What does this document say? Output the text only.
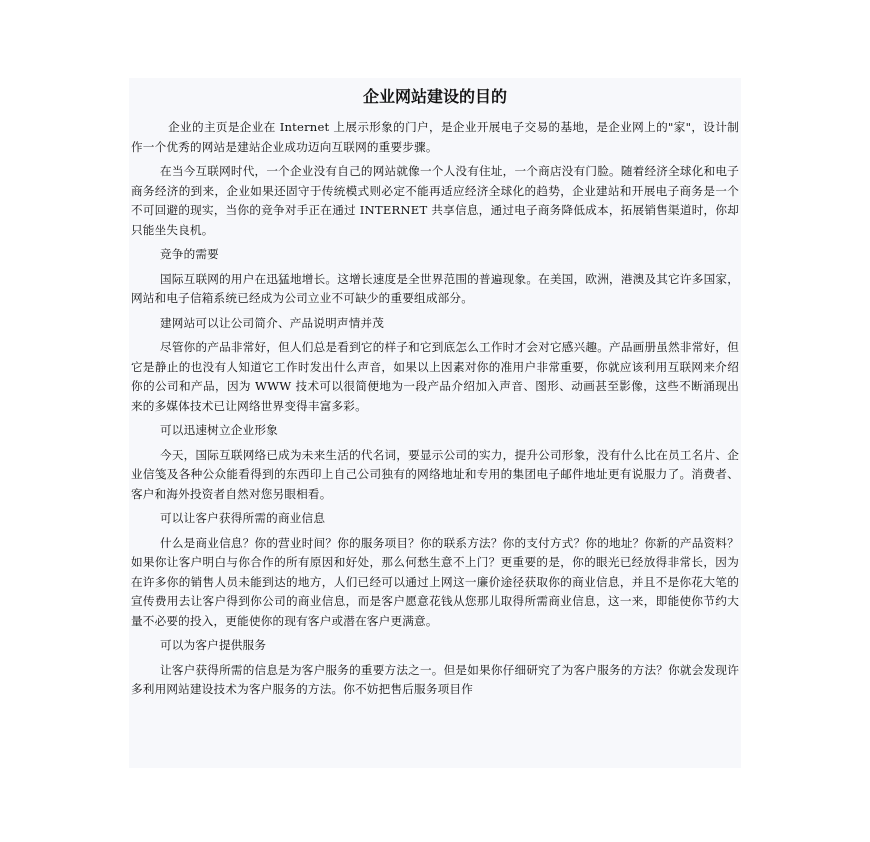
企业网站建设的目的

企业的主页是企业在 Internet 上展示形象的门户，是企业开展电子交易的基地，是企业网上的"家"，设计制作一个优秀的网站是建站企业成功迈向互联网的重要步骤。

在当今互联网时代，一个企业没有自己的网站就像一个人没有住址，一个商店没有门脸。随着经济全球化和电子商务经济的到来，企业如果还固守于传统模式则必定不能再适应经济全球化的趋势，企业建站和开展电子商务是一个不可回避的现实，当你的竞争对手正在通过 INTERNET 共享信息，通过电子商务降低成本，拓展销售渠道时，你却只能坐失良机。

竞争的需要

国际互联网的用户在迅猛地增长。这增长速度是全世界范围的普遍现象。在美国，欧洲，港澳及其它许多国家，网站和电子信箱系统已经成为公司立业不可缺少的重要组成部分。

建网站可以让公司简介、产品说明声情并茂

尽管你的产品非常好，但人们总是看到它的样子和它到底怎么工作时才会对它感兴趣。产品画册虽然非常好，但它是静止的也没有人知道它工作时发出什么声音，如果以上因素对你的准用户非常重要，你就应该利用互联网来介绍你的公司和产品，因为 WWW 技术可以很简便地为一段产品介绍加入声音、图形、动画甚至影像，这些不断涌现出来的多媒体技术已让网络世界变得丰富多彩。

可以迅速树立企业形象

今天，国际互联网络已成为未来生活的代名词，要显示公司的实力，提升公司形象，没有什么比在员工名片、企业信笺及各种公众能看得到的东西印上自己公司独有的网络地址和专用的集团电子邮件地址更有说服力了。消费者、客户和海外投资者自然对您另眼相看。

可以让客户获得所需的商业信息

什么是商业信息？你的营业时间？你的服务项目？你的联系方法？你的支付方式？你的地址？你新的产品资料？如果你让客户明白与你合作的所有原因和好处，那么何愁生意不上门？更重要的是，你的眼光已经放得非常长，因为在许多你的销售人员未能到达的地方，人们已经可以通过上网这一廉价途径获取你的商业信息，并且不是你花大笔的宣传费用去让客户得到你公司的商业信息，而是客户愿意花钱从您那儿取得所需商业信息，这一来，即能使你节约大量不必要的投入，更能使你的现有客户或潜在客户更满意。

可以为客户提供服务

让客户获得所需的信息是为客户服务的重要方法之一。但是如果你仔细研究了为客户服务的方法？你就会发现许多利用网站建设技术为客户服务的方法。你不妨把售后服务项目作
